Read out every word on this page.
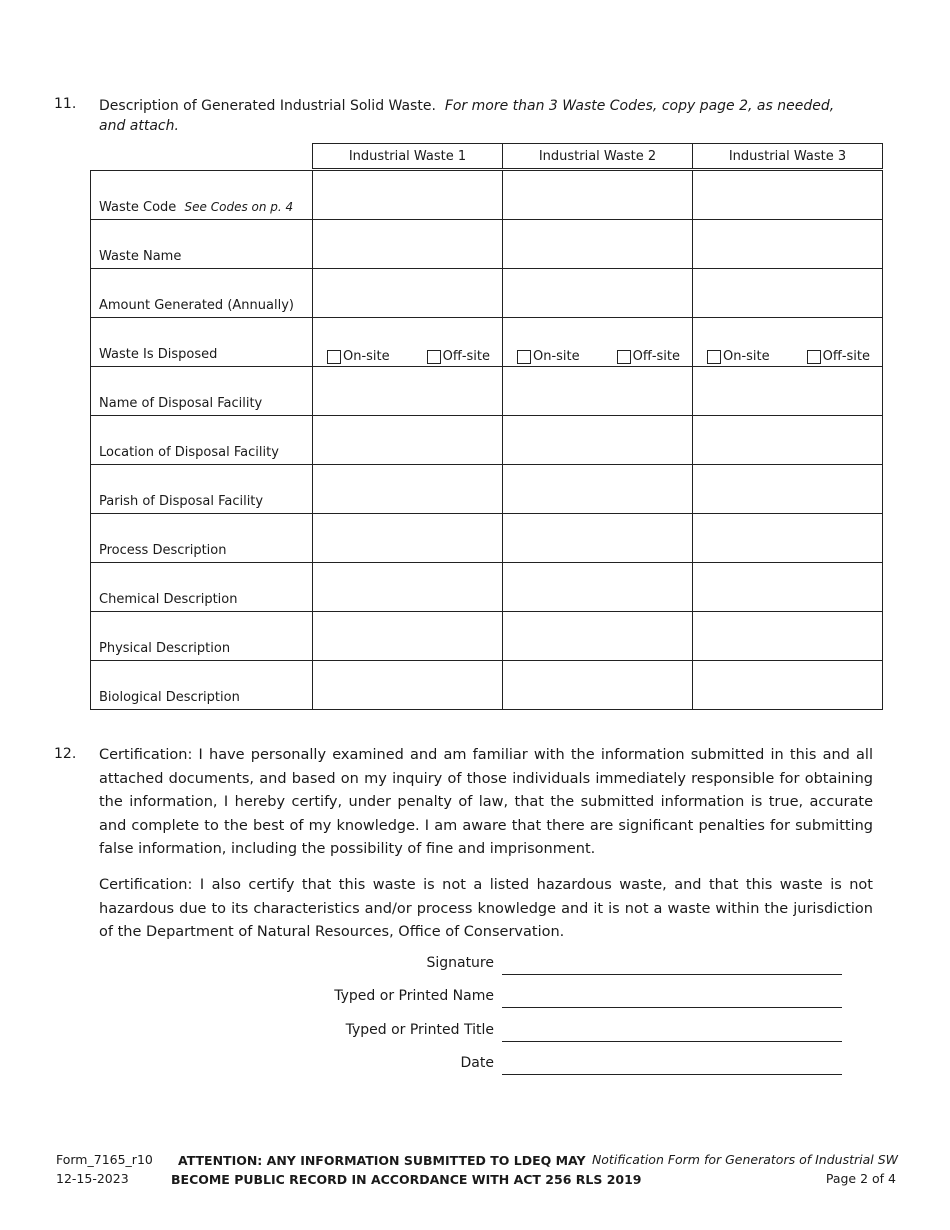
11. Description of Generated Industrial Solid Waste. For more than 3 Waste Codes, copy page 2, as needed, and attach.
Industrial Waste 1	Industrial Waste 2	Industrial Waste 3
Waste Code See Codes on p. 4			
Waste Name			
Amount Generated (Annually)			
Waste Is Disposed	On-site Off-site	On-site Off-site	On-site Off-site

Name of Disposal Facility			
Location of Disposal Facility			
Parish of Disposal Facility			
Process Description			
Chemical Description			
Physical Description			
Biological Description			
12. Certification: I have personally examined and am familiar with the information submitted in this and all attached documents, and based on my inquiry of those individuals immediately responsible for obtaining the information, I hereby certify, under penalty of law, that the submitted information is true, accurate and complete to the best of my knowledge. I am aware that there are significant penalties for submitting false information, including the possibility of fine and imprisonment.
Certification: I also certify that this waste is not a listed hazardous waste, and that this waste is not hazardous due to its characteristics and/or process knowledge and it is not a waste within the jurisdiction of the Department of Natural Resources, Office of Conservation.
Signature
Typed or Printed Name
Typed or Printed Title
Date
Form_7165_r10
12-15-2023
ATTENTION: ANY INFORMATION SUBMITTED TO LDEQ MAY
BECOME PUBLIC RECORD IN ACCORDANCE WITH ACT 256 RLS 2019
Notification Form for Generators of Industrial SW
Page 2 of 4
